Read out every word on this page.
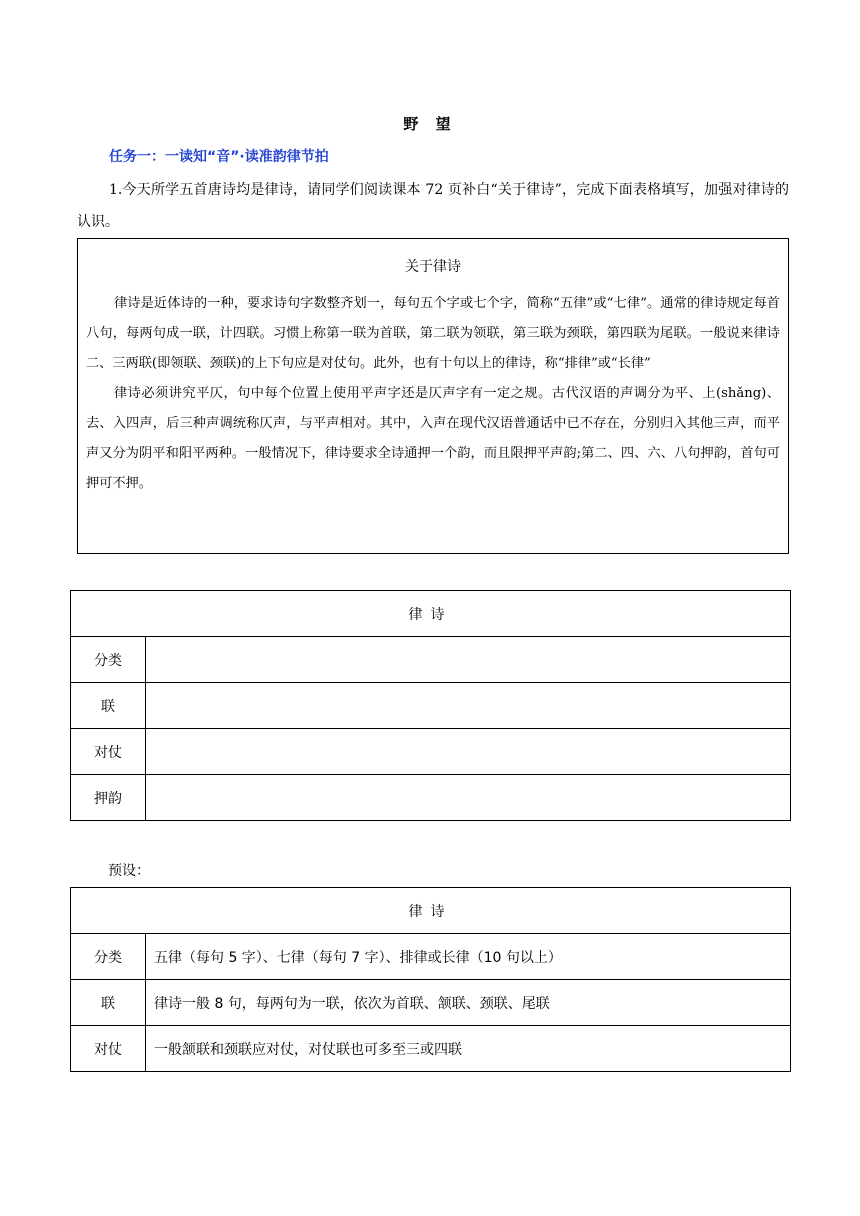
野 望
任务一：一读知“音”·读准韵律节拍
1.今天所学五首唐诗均是律诗，请同学们阅读课本 72 页补白“关于律诗”，完成下面表格填写，加强对律诗的认识。
关于律诗

律诗是近体诗的一种，要求诗句字数整齐划一，每句五个字或七个字，简称“五律”或“七律”。通常的律诗规定每首八句，每两句成一联，计四联。习惯上称第一联为首联，第二联为领联，第三联为颈联，第四联为尾联。一般说来律诗二、三两联(即领联、颈联)的上下句应是对仗句。此外，也有十句以上的律诗，称“排律”或“长律”

律诗必须讲究平仄，句中每个位置上使用平声字还是仄声字有一定之规。古代汉语的声调分为平、上(shǎng)、去、入四声，后三种声调统称仄声，与平声相对。其中，入声在现代汉语普通话中已不存在，分别归入其他三声，而平声又分为阴平和阳平两种。一般情况下，律诗要求全诗通押一个韵，而且限押平声韵;第二、四、六、八句押韵，首句可押可不押。

律诗	
分类	
联	
对仗	
押韵	
预设：
律诗	
分类	五律（每句 5 字）、七律（每句 7 字）、排律或长律（10 句以上）
联	律诗一般 8 句，每两句为一联，依次为首联、颔联、颈联、尾联
对仗	一般颔联和颈联应对仗，对仗联也可多至三或四联
